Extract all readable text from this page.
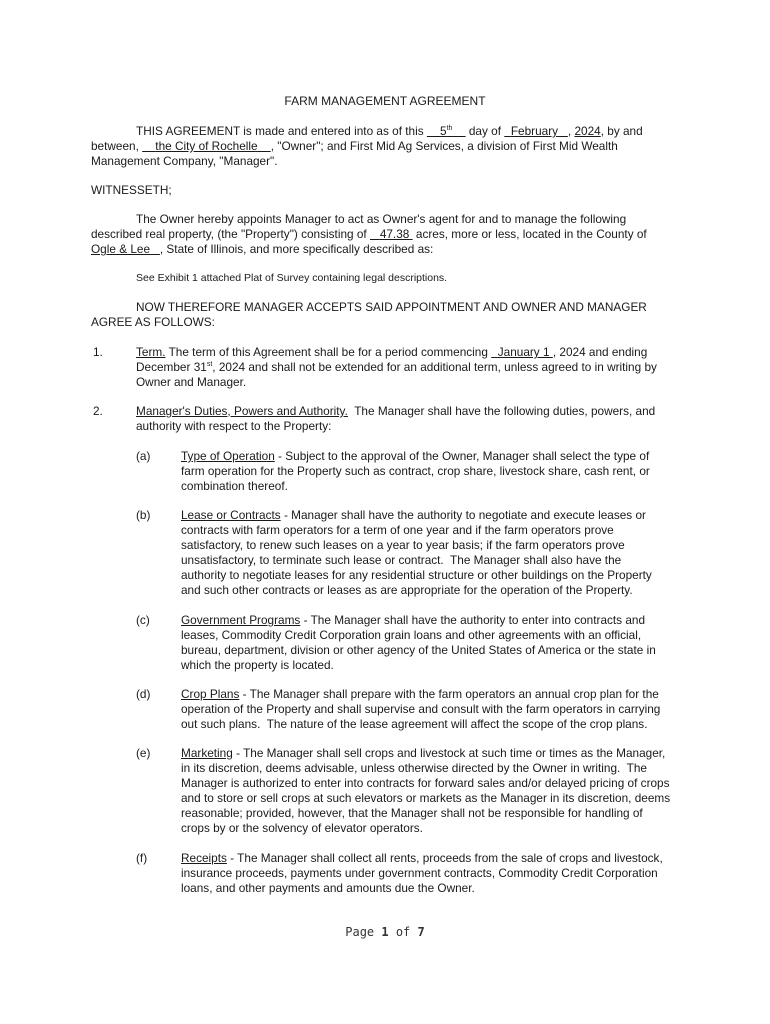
FARM MANAGEMENT AGREEMENT
THIS AGREEMENT is made and entered into as of this     5th     day of   February , 2024, by and
between,     the City of Rochelle , "Owner"; and First Mid Ag Services, a division of First Mid Wealth
Management Company, "Manager".
WITNESSETH;
The Owner hereby appoints Manager to act as Owner's agent for and to manage the following
described real property, (the "Property") consisting of    47.38  acres, more or less, located in the County of
Ogle & Lee , State of Illinois, and more specifically described as:
See Exhibit 1 attached Plat of Survey containing legal descriptions.
NOW THEREFORE MANAGER ACCEPTS SAID APPOINTMENT AND OWNER AND MANAGER
AGREE AS FOLLOWS:
1.	Term. The term of this Agreement shall be for a period commencing   January 1 , 2024 and ending
December 31st, 2024 and shall not be extended for an additional term, unless agreed to in writing by
Owner and Manager.
2.	Manager's Duties, Powers and Authority.  The Manager shall have the following duties, powers, and
authority with respect to the Property:
(a)	Type of Operation - Subject to the approval of the Owner, Manager shall select the type of
farm operation for the Property such as contract, crop share, livestock share, cash rent, or
combination thereof.
(b)	Lease or Contracts - Manager shall have the authority to negotiate and execute leases or
contracts with farm operators for a term of one year and if the farm operators prove
satisfactory, to renew such leases on a year to year basis; if the farm operators prove
unsatisfactory, to terminate such lease or contract.  The Manager shall also have the
authority to negotiate leases for any residential structure or other buildings on the Property
and such other contracts or leases as are appropriate for the operation of the Property.
(c)	Government Programs - The Manager shall have the authority to enter into contracts and
leases, Commodity Credit Corporation grain loans and other agreements with an official,
bureau, department, division or other agency of the United States of America or the state in
which the property is located.
(d)	Crop Plans - The Manager shall prepare with the farm operators an annual crop plan for the
operation of the Property and shall supervise and consult with the farm operators in carrying
out such plans.  The nature of the lease agreement will affect the scope of the crop plans.
(e)	Marketing - The Manager shall sell crops and livestock at such time or times as the Manager,
in its discretion, deems advisable, unless otherwise directed by the Owner in writing.  The
Manager is authorized to enter into contracts for forward sales and/or delayed pricing of crops
and to store or sell crops at such elevators or markets as the Manager in its discretion, deems
reasonable; provided, however, that the Manager shall not be responsible for handling of
crops by or the solvency of elevator operators.
(f)	Receipts - The Manager shall collect all rents, proceeds from the sale of crops and livestock,
insurance proceeds, payments under government contracts, Commodity Credit Corporation
loans, and other payments and amounts due the Owner.
Page 1 of 7
